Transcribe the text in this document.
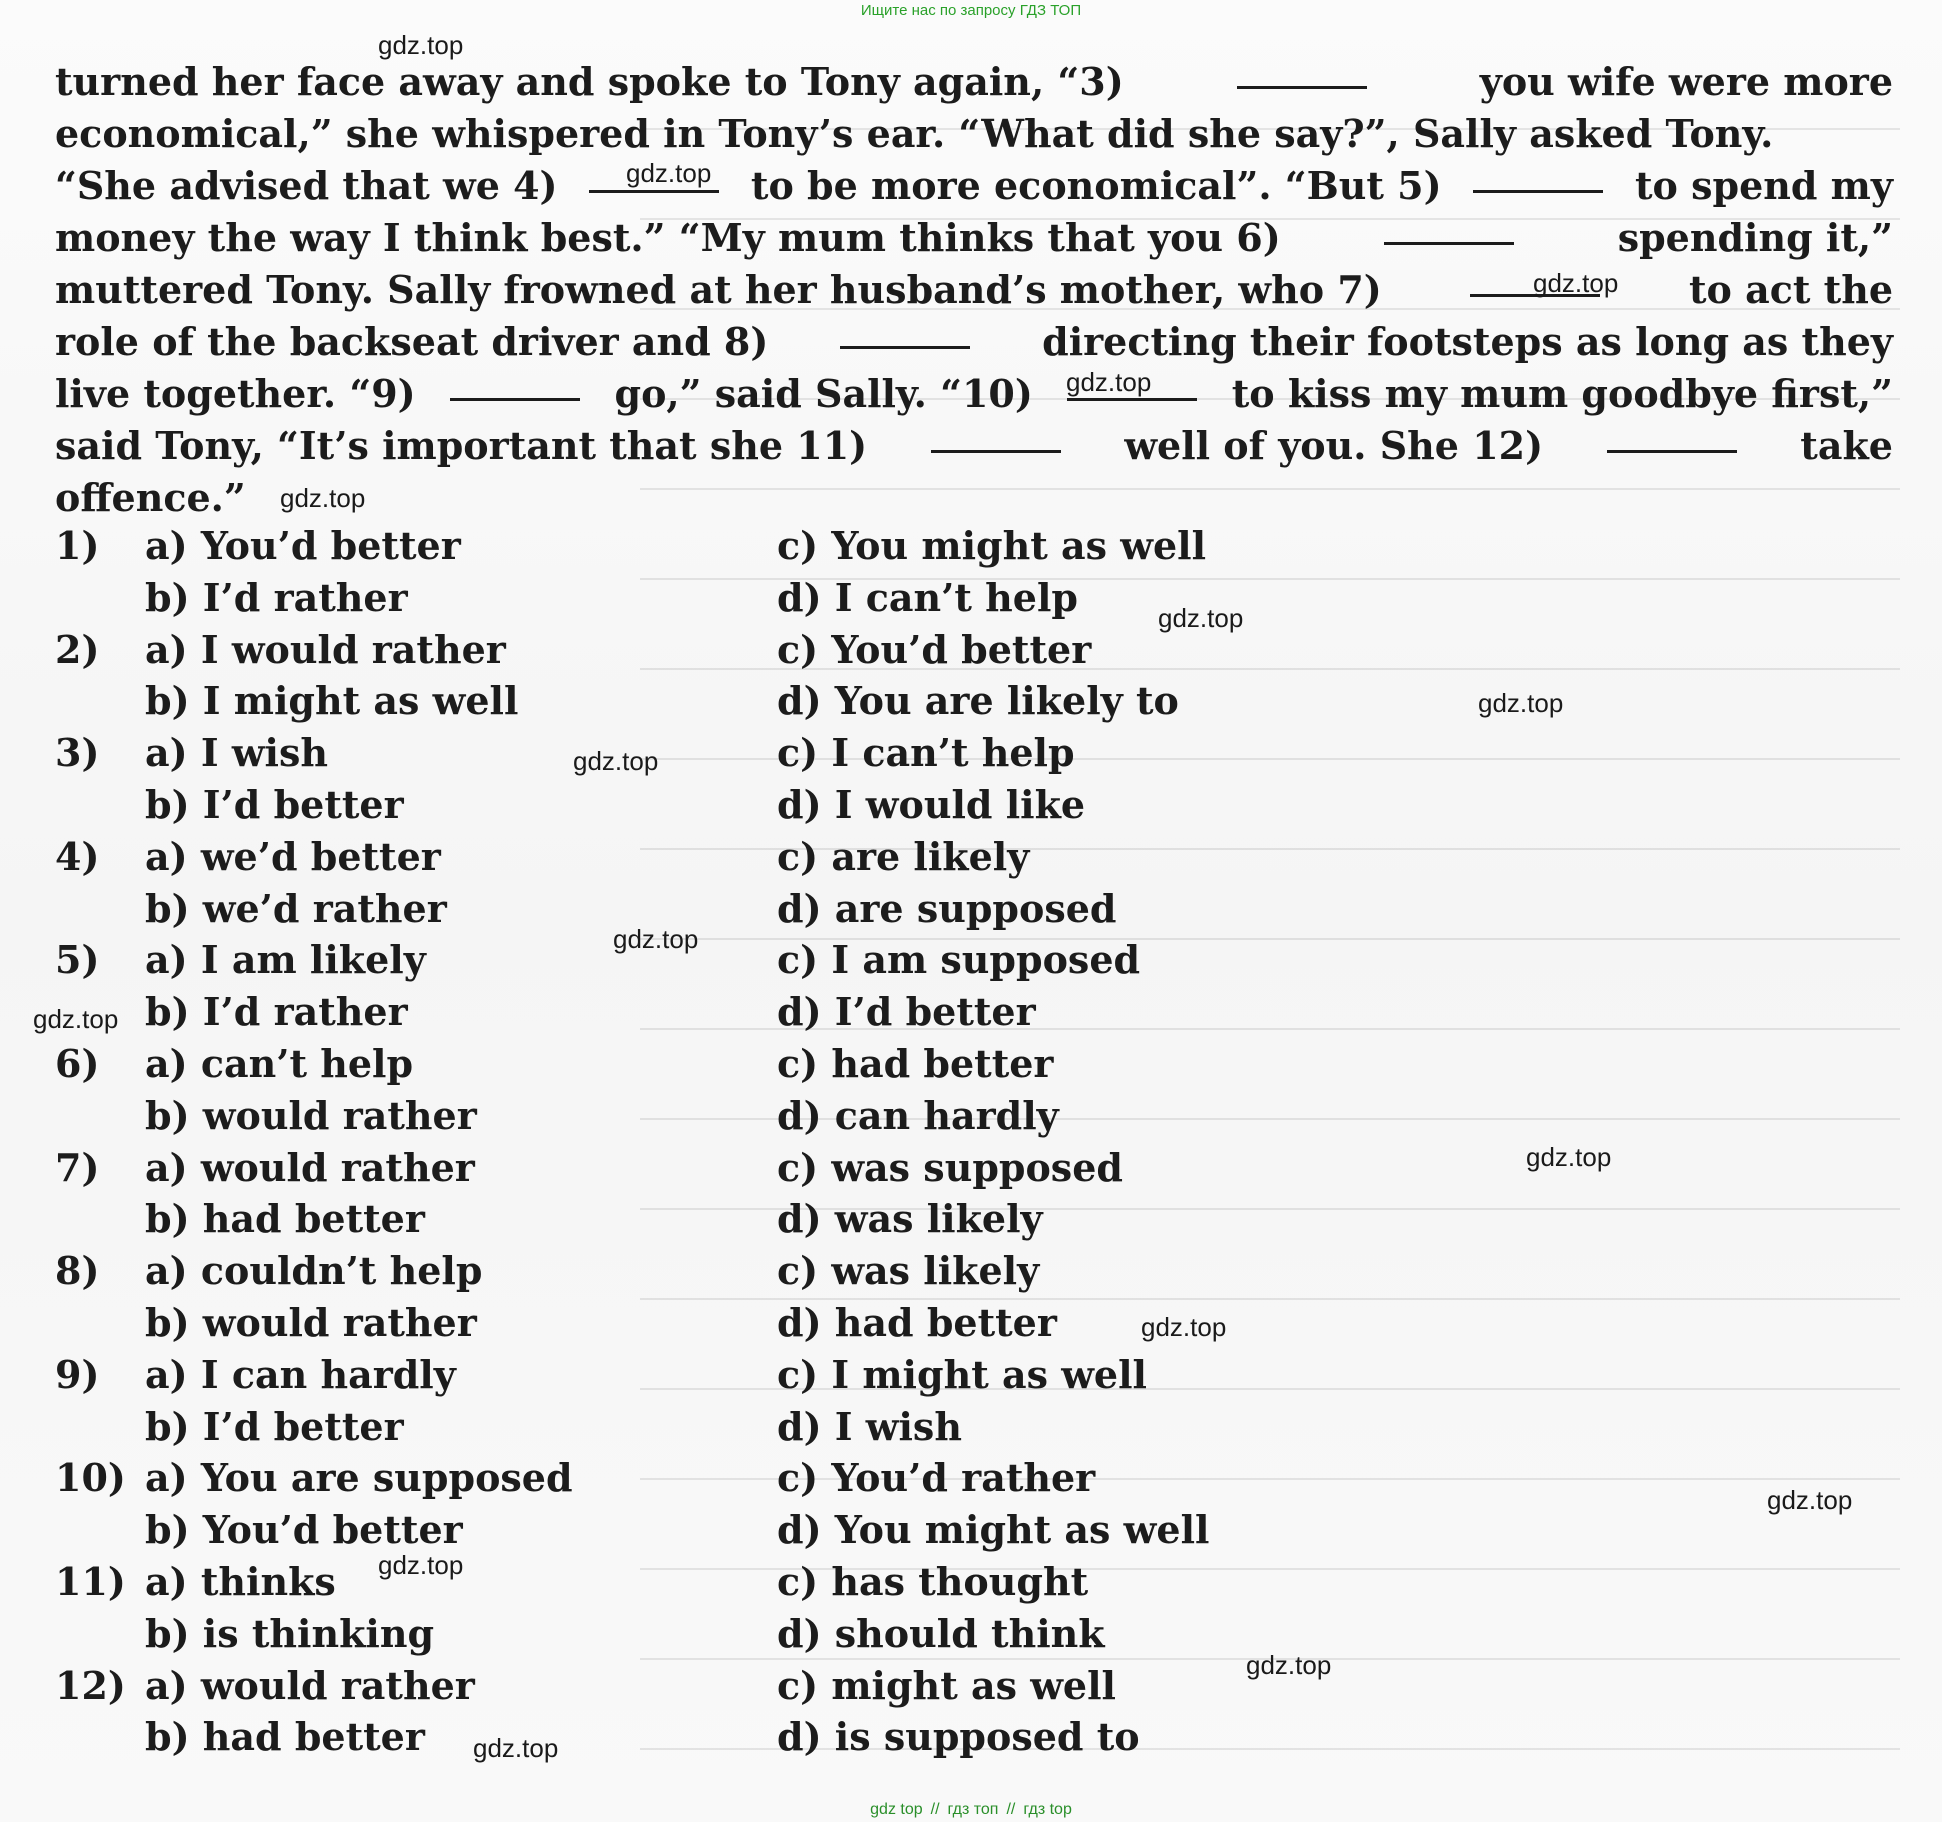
Ищите нас по запросу ГДЗ ТОП
turned her face away and spoke to Tony again, “3)	you wife were more
economical,” she whispered in Tony’s ear. “What did she say?”, Sally asked Tony.
“She advised that we 4)	to be more economical”. “But 5)	to spend my
money the way I think best.” “My mum thinks that you 6)	spending it,”
muttered Tony. Sally frowned at her husband’s mother, who 7)	to act the
role of the backseat driver and 8)	directing their footsteps as long as they
live together. “9)	go,” said Sally. “10)	to kiss my mum goodbye first,”
said Tony, “It’s important that she 11)	well of you. She 12)	take
offence.”
1) a) You’d better	c) You might as well
b) I’d rather	d) I can’t help
2) a) I would rather	c) You’d better
b) I might as well	d) You are likely to
3) a) I wish	c) I can’t help
b) I’d better	d) I would like
4) a) we’d better	c) are likely
b) we’d rather	d) are supposed
5) a) I am likely	c) I am supposed
b) I’d rather	d) I’d better
6) a) can’t help	c) had better
b) would rather	d) can hardly
7) a) would rather	c) was supposed
b) had better	d) was likely
8) a) couldn’t help	c) was likely
b) would rather	d) had better
9) a) I can hardly	c) I might as well
b) I’d better	d) I wish
10) a) You are supposed	c) You’d rather
b) You’d better	d) You might as well
11) a) thinks	c) has thought
b) is thinking	d) should think
12) a) would rather	c) might as well
b) had better	d) is supposed to
gdz top // гдз топ // гдз top
gdz.top
gdz.top
gdz.top
gdz.top
gdz.top
gdz.top
gdz.top
gdz.top
gdz.top
gdz.top
gdz.top
gdz.top
gdz.top
gdz.top
gdz.top
gdz.top
